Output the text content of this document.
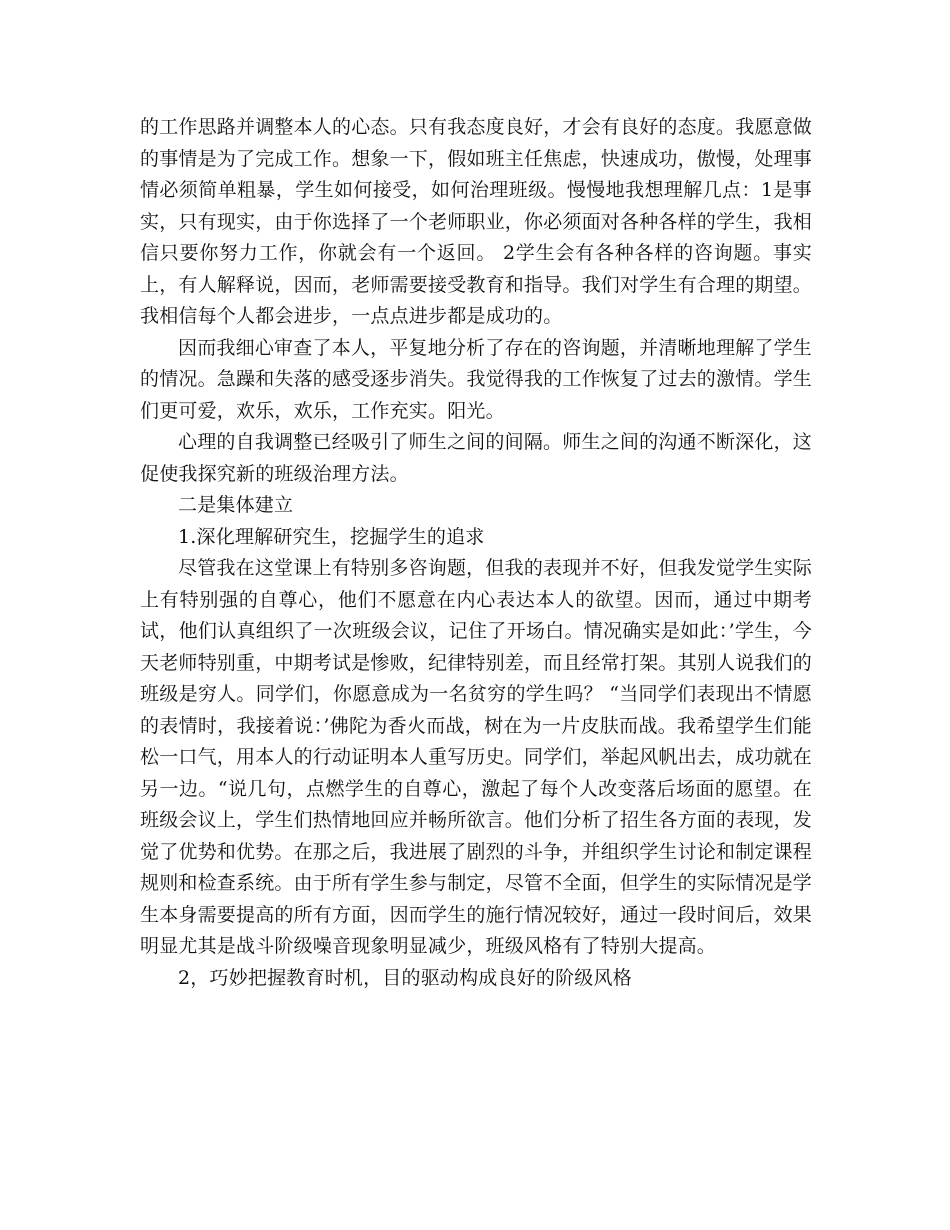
的工作思路并调整本人的心态。只有我态度良好，才会有良好的态度。我愿意做的事情是为了完成工作。想象一下，假如班主任焦虑，快速成功，傲慢，处理事情必须简单粗暴，学生如何接受，如何治理班级。慢慢地我想理解几点：1是事实，只有现实，由于你选择了一个老师职业，你必须面对各种各样的学生，我相信只要你努力工作，你就会有一个返回。 2学生会有各种各样的咨询题。事实上，有人解释说，因而，老师需要接受教育和指导。我们对学生有合理的期望。我相信每个人都会进步，一点点进步都是成功的。

因而我细心审查了本人，平复地分析了存在的咨询题，并清晰地理解了学生的情况。急躁和失落的感受逐步消失。我觉得我的工作恢复了过去的激情。学生们更可爱，欢乐，欢乐，工作充实。阳光。

心理的自我调整已经吸引了师生之间的间隔。师生之间的沟通不断深化，这促使我探究新的班级治理方法。

二是集体建立

1.深化理解研究生，挖掘学生的追求

尽管我在这堂课上有特别多咨询题，但我的表现并不好，但我发觉学生实际上有特别强的自尊心，他们不愿意在内心表达本人的欲望。因而，通过中期考试，他们认真组织了一次班级会议，记住了开场白。情况确实是如此：’学生，今天老师特别重，中期考试是惨败，纪律特别差，而且经常打架。其别人说我们的班级是穷人。同学们，你愿意成为一名贫穷的学生吗？ “当同学们表现出不情愿的表情时，我接着说：’佛陀为香火而战，树在为一片皮肤而战。我希望学生们能松一口气，用本人的行动证明本人重写历史。同学们，举起风帆出去，成功就在另一边。“说几句，点燃学生的自尊心，激起了每个人改变落后场面的愿望。在班级会议上，学生们热情地回应并畅所欲言。他们分析了招生各方面的表现，发觉了优势和优势。在那之后，我进展了剧烈的斗争，并组织学生讨论和制定课程规则和检查系统。由于所有学生参与制定，尽管不全面，但学生的实际情况是学生本身需要提高的所有方面，因而学生的施行情况较好，通过一段时间后，效果明显尤其是战斗阶级噪音现象明显减少，班级风格有了特别大提高。

2，巧妙把握教育时机，目的驱动构成良好的阶级风格
